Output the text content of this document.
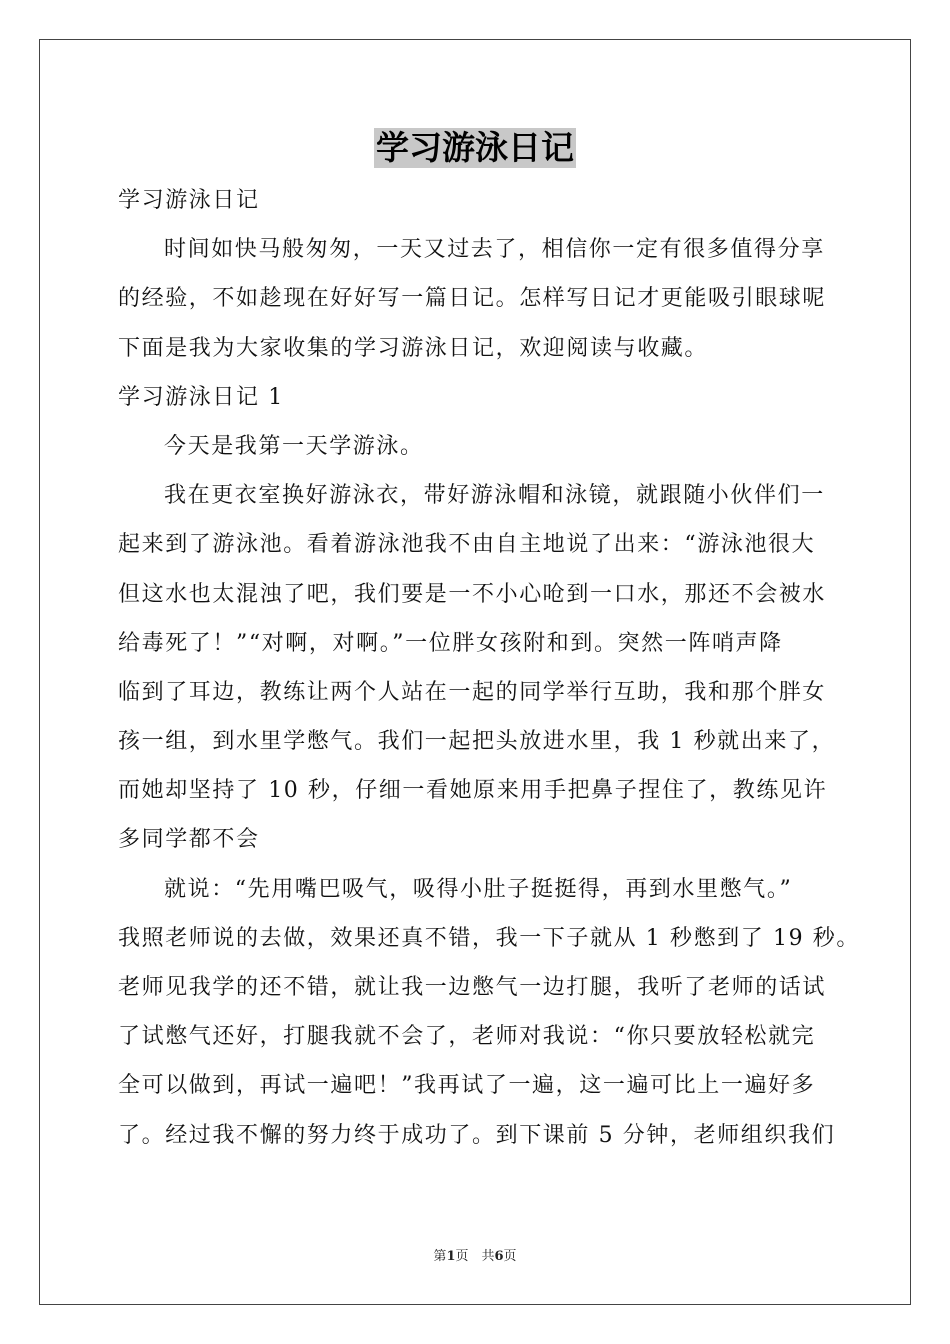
学习游泳日记
学习游泳日记
时间如快马般匆匆，一天又过去了，相信你一定有很多值得分享
的经验，不如趁现在好好写一篇日记。怎样写日记才更能吸引眼球呢
下面是我为大家收集的学习游泳日记，欢迎阅读与收藏。
学习游泳日记 1
今天是我第一天学游泳。
我在更衣室换好游泳衣，带好游泳帽和泳镜，就跟随小伙伴们一
起来到了游泳池。看着游泳池我不由自主地说了出来：“游泳池很大
但这水也太混浊了吧，我们要是一不小心呛到一口水，那还不会被水
给毒死了！”“对啊，对啊。”一位胖女孩附和到。突然一阵哨声降
临到了耳边，教练让两个人站在一起的同学举行互助，我和那个胖女
孩一组，到水里学憋气。我们一起把头放进水里，我 1 秒就出来了，
而她却坚持了 10 秒，仔细一看她原来用手把鼻子捏住了，教练见许
多同学都不会
就说：“先用嘴巴吸气，吸得小肚子挺挺得，再到水里憋气。”
我照老师说的去做，效果还真不错，我一下子就从 1 秒憋到了 19 秒。
老师见我学的还不错，就让我一边憋气一边打腿，我听了老师的话试
了试憋气还好，打腿我就不会了，老师对我说：“你只要放轻松就完
全可以做到，再试一遍吧！”我再试了一遍，这一遍可比上一遍好多
了。经过我不懈的努力终于成功了。到下课前 5 分钟，老师组织我们
第1页　共6页
